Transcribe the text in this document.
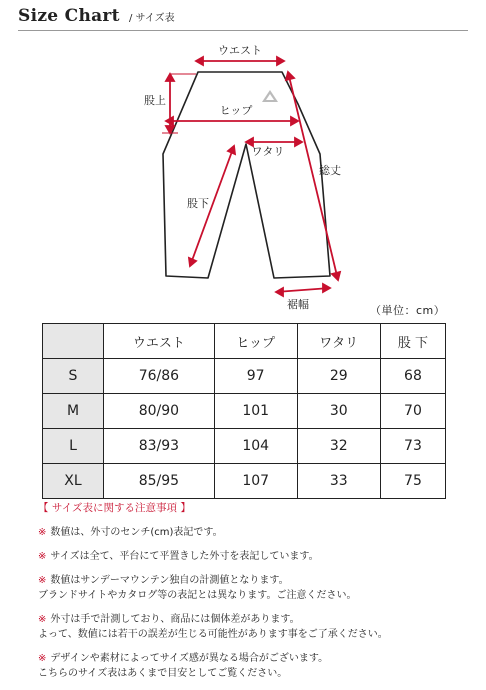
Size Chart / サイズ表
ウエスト
ヒップ
股上
ワタリ
股下
総丈
裾幅	（単位：cm）
	ウエスト	ヒップ	ワタリ	股 下
S	76/86	97	29	68
M	80/90	101	30	70
L	83/93	104	32	73
XL	85/95	107	33	75
【 サイズ表に関する注意事項 】
※ 数値は、外寸のセンチ(cm)表記です。
※ サイズは全て、平台にて平置きした外寸を表記しています。
※ 数値はサンデーマウンテン独自の計測値となります。
ブランドサイトやカタログ等の表記とは異なります。ご注意ください。
※ 外寸は手で計測しており、商品には個体差があります。
よって、数値には若干の誤差が生じる可能性があります事をご了承ください。
※ デザインや素材によってサイズ感が異なる場合がございます。
こちらのサイズ表はあくまで目安としてご覧ください。
